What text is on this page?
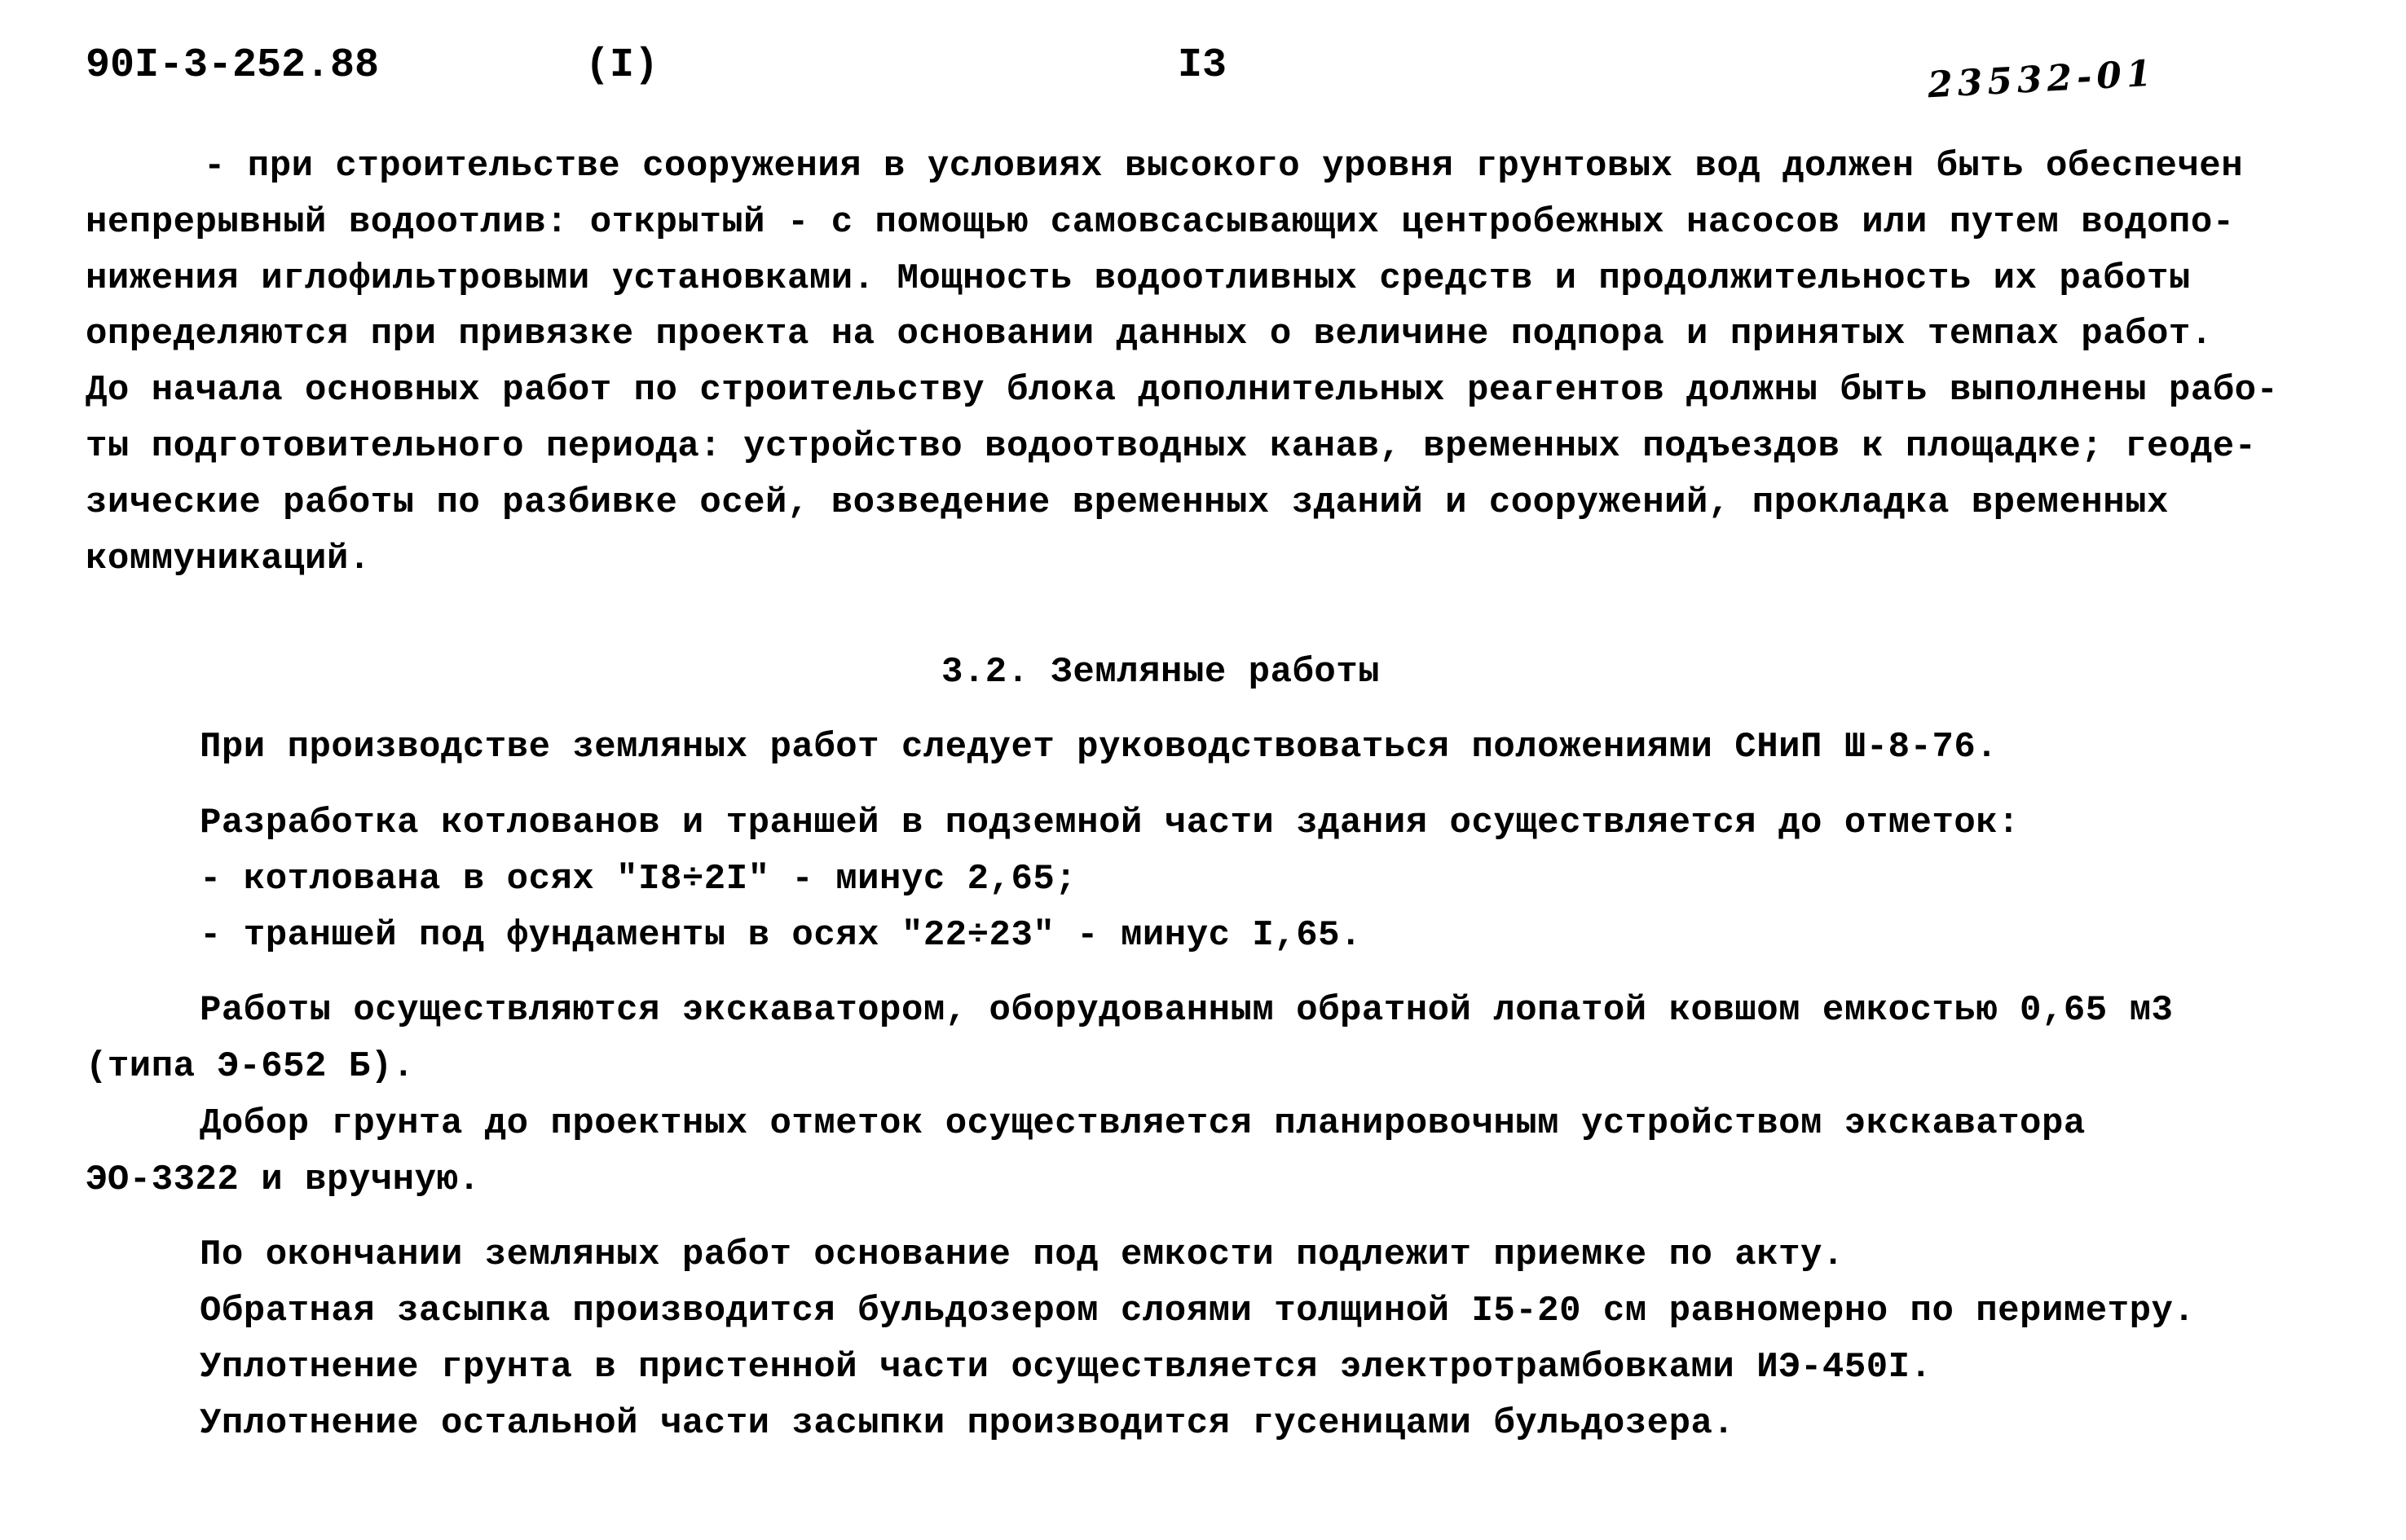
90I-3-252.88	(I)	I3	23532-01
- при строительстве сооружения в условиях высокого уровня грунтовых вод должен быть обеспечен
непрерывный водоотлив: открытый - с помощью самовсасывающих центробежных насосов или путем водопо-
нижения иглофильтровыми установками. Мощность водоотливных средств и продолжительность их работы
определяются при привязке проекта на основании данных о величине подпора и принятых темпах работ.
До начала основных работ по строительству блока дополнительных реагентов должны быть выполнены рабо-
ты подготовительного периода: устройство водоотводных канав, временных подъездов к площадке; геоде-
зические работы по разбивке осей, возведение временных зданий и сооружений, прокладка временных
коммуникаций.
3.2. Земляные работы
При производстве земляных работ следует руководствоваться положениями СНиП Ш-8-76.
Разработка котлованов и траншей в подземной части здания осуществляется до отметок:
- котлована в осях "I8÷2I" - минус 2,65;
- траншей под фундаменты в осях "22÷23" - минус I,65.
Работы осуществляются экскаватором, оборудованным обратной лопатой ковшом емкостью 0,65 м3
(типа Э-652 Б).
Добор грунта до проектных отметок осуществляется планировочным устройством экскаватора
ЭО-3322 и вручную.
По окончании земляных работ основание под емкости подлежит приемке по акту.
Обратная засыпка производится бульдозером слоями толщиной I5-20 см равномерно по периметру.
Уплотнение грунта в пристенной части осуществляется электротрамбовками ИЭ-450I.
Уплотнение остальной части засыпки производится гусеницами бульдозера.
